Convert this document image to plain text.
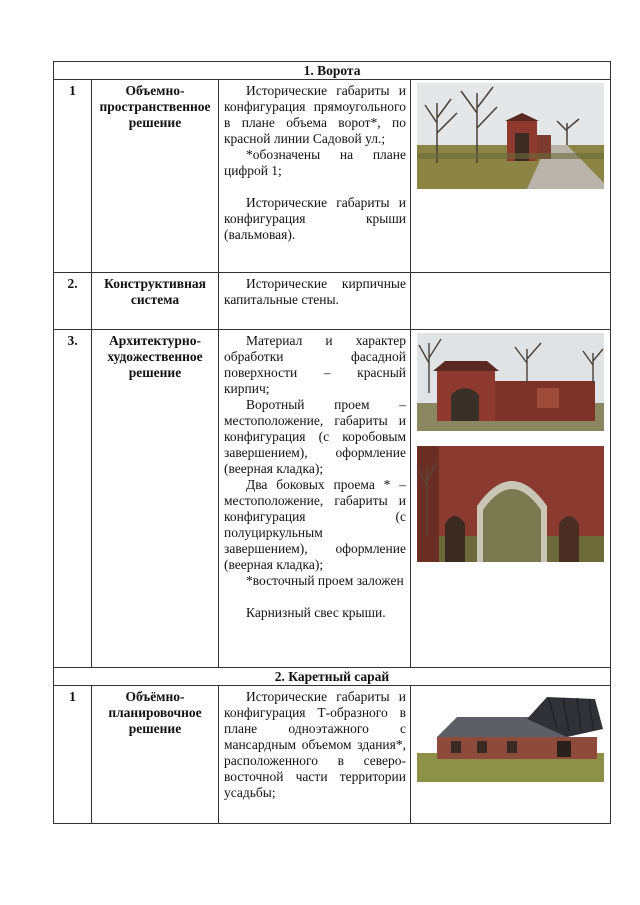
1. Ворота			
1	Объемно-пространственное решение	Исторические габариты и конфигурация прямоугольного в плане объема ворот*, по красной линии Садовой ул.;

*обозначены на плане цифрой 1;

Исторические габариты и конфигурация крыши (вальмовая).

2.	Конструктивная система	Исторические кирпичные капитальные стены.	

3.	Архитектурно-художественное решение	Материал и характер обработки фасадной поверхности – красный кирпич;

Воротный проем – местоположение, габариты и конфигурация (с коробовым завершением), оформление (веерная кладка);

Два боковых проема * – местоположение, габариты и конфигурация (с полуциркульным завершением), оформление (веерная кладка);

*восточный проем заложен

Карнизный свес крыши.

2. Каретный сарай			
1	Объёмно-планировочное решение	Исторические габариты и конфигурация Т-образного в плане одноэтажного с мансардным объемом здания*, расположенного в северо-восточной части территории усадьбы;
